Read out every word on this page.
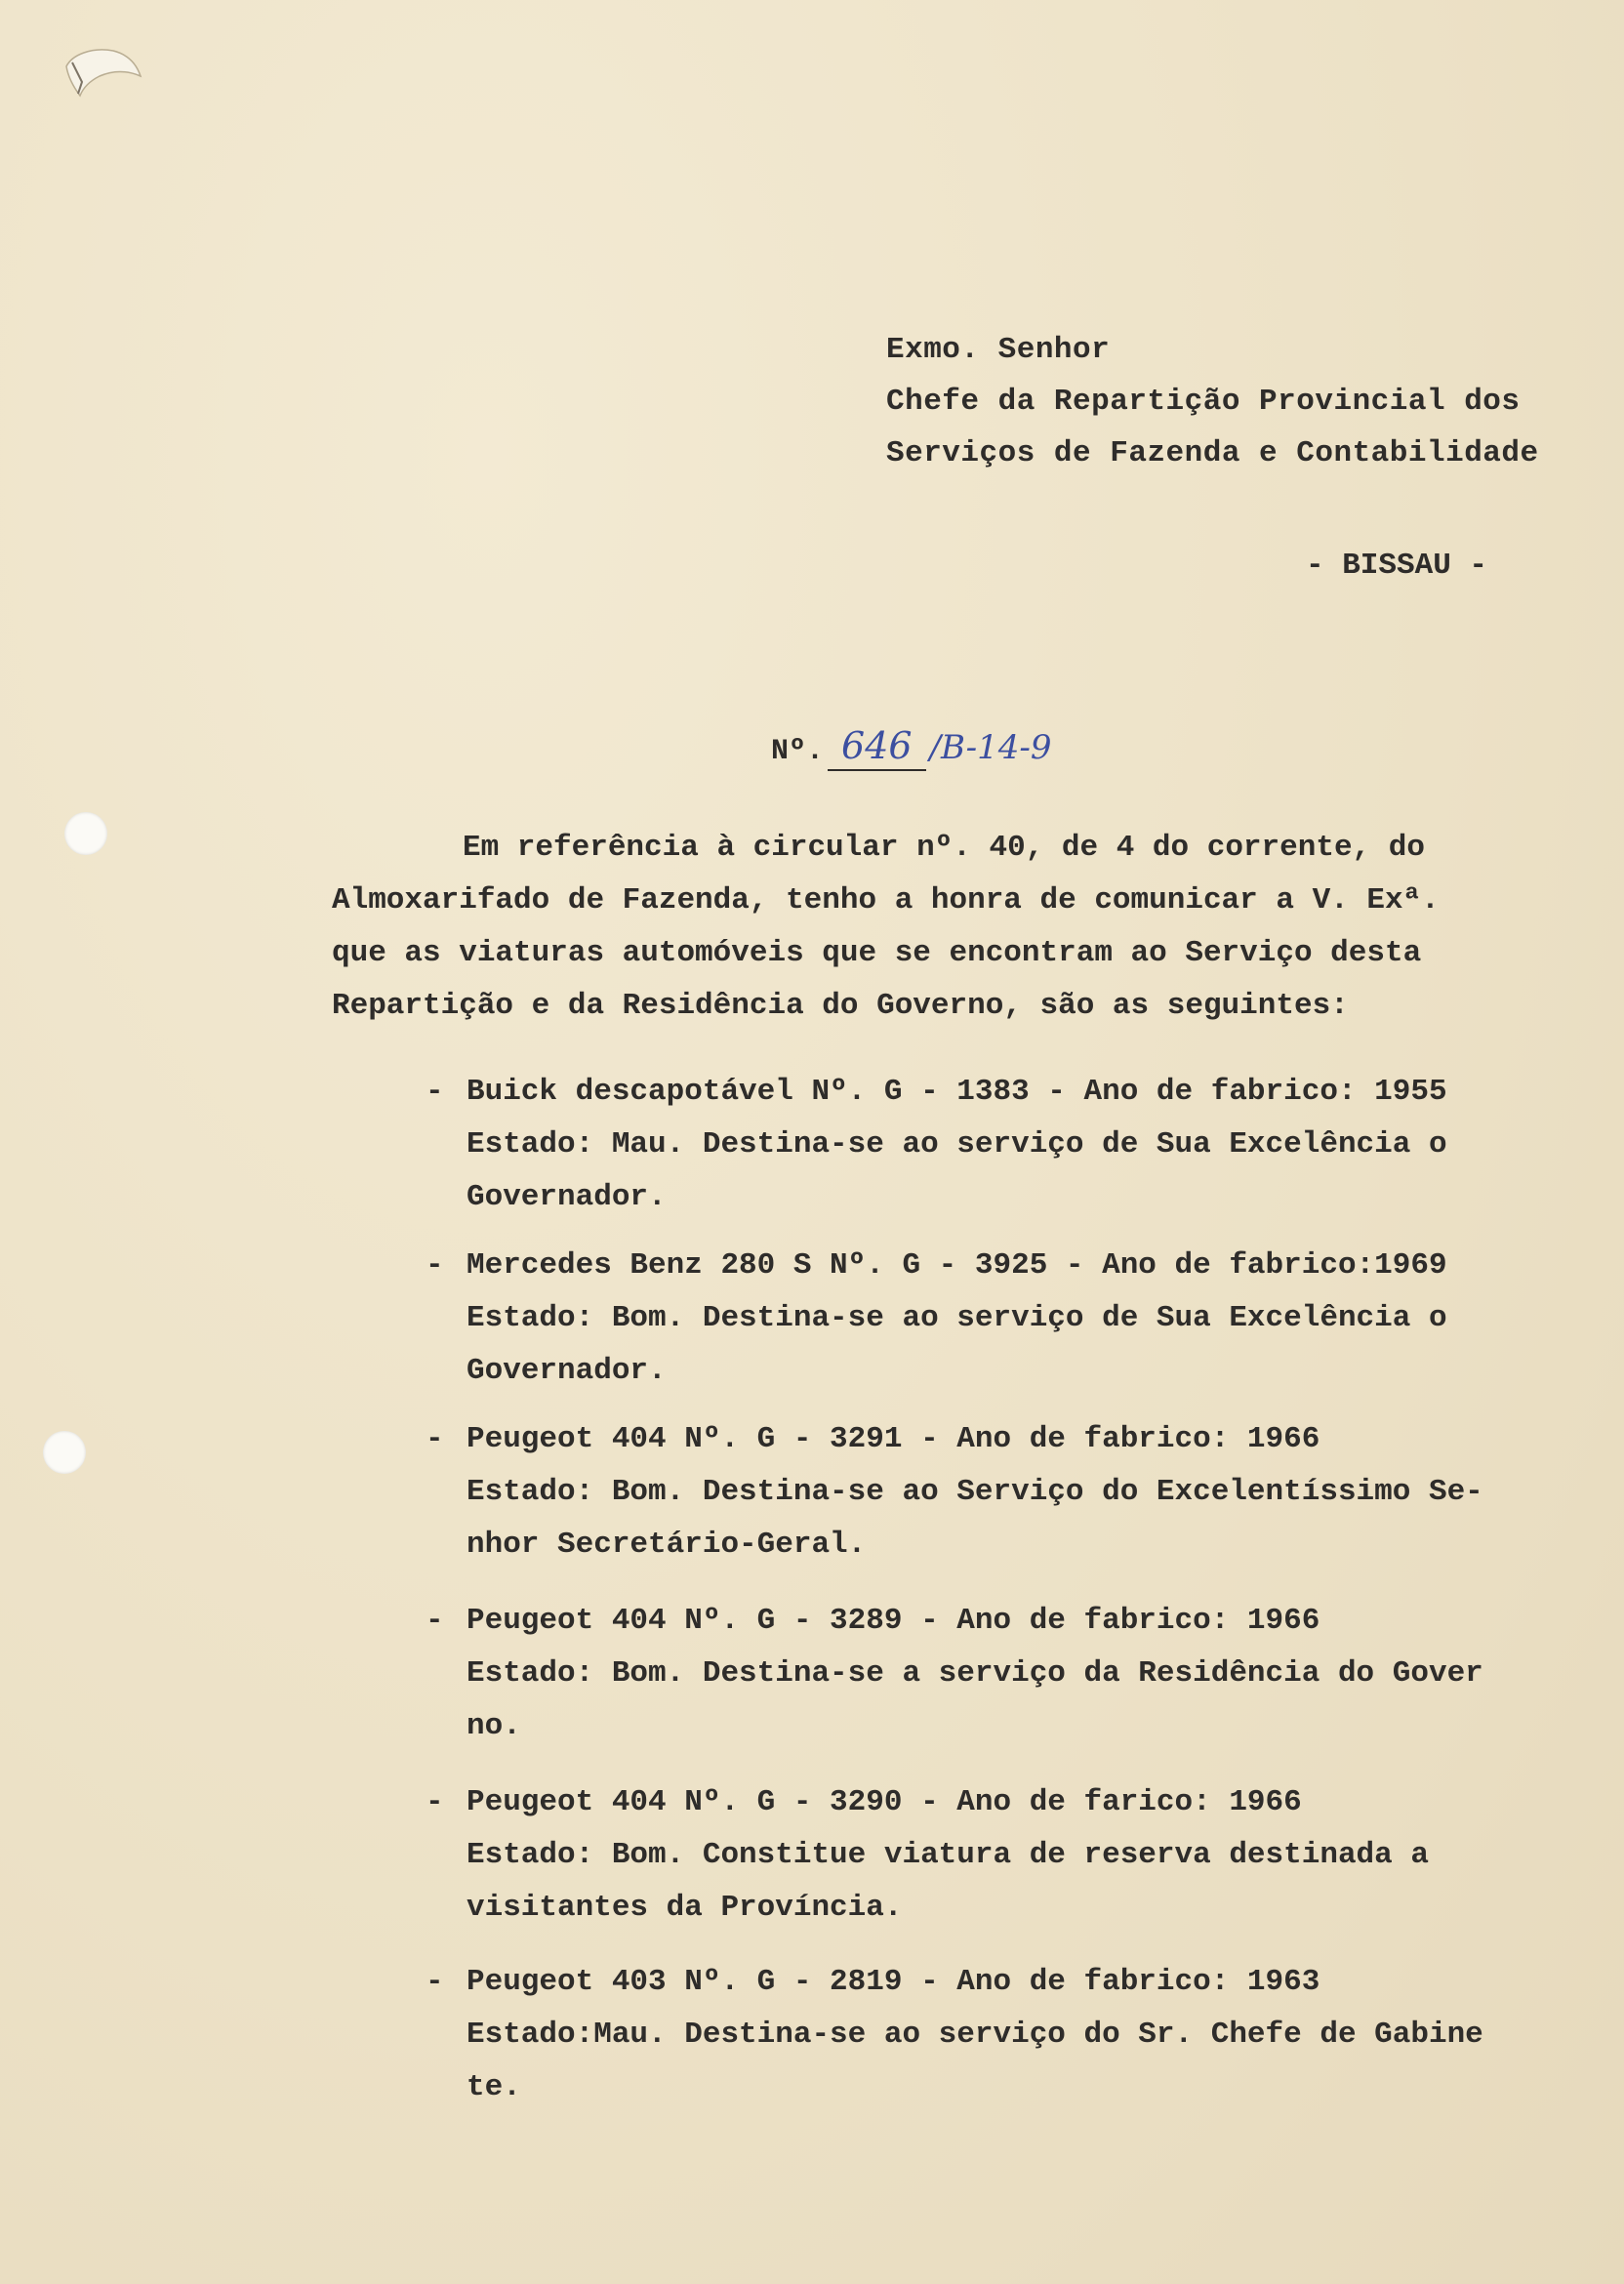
Exmo. Senhor
Chefe da Repartição Provincial dos
Serviços de Fazenda e Contabilidade
- BISSAU -
Nº. 646 /B-14-9
Em referência à circular nº. 40, de 4 do corrente, do
Almoxarifado de Fazenda, tenho a honra de comunicar a V. Exª.
que as viaturas automóveis que se encontram ao Serviço desta
Repartição e da Residência do Governo, são as seguintes:
- Buick descapotável Nº. G - 1383 - Ano de fabrico: 1955
Estado: Mau. Destina-se ao serviço de Sua Excelência o
Governador.
- Mercedes Benz 280 S Nº. G - 3925 - Ano de fabrico:1969
Estado: Bom. Destina-se ao serviço de Sua Excelência o
Governador.
- Peugeot 404 Nº. G - 3291 - Ano de fabrico: 1966
Estado: Bom. Destina-se ao Serviço do Excelentíssimo Se-
nhor Secretário-Geral.
- Peugeot 404 Nº. G - 3289 - Ano de fabrico: 1966
Estado: Bom. Destina-se a serviço da Residência do Gover
no.
- Peugeot 404 Nº. G - 3290 - Ano de farico: 1966
Estado: Bom. Constitue viatura de reserva destinada a
visitantes da Província.
- Peugeot 403 Nº. G - 2819 - Ano de fabrico: 1963
Estado:Mau. Destina-se ao serviço do Sr. Chefe de Gabine
te.
